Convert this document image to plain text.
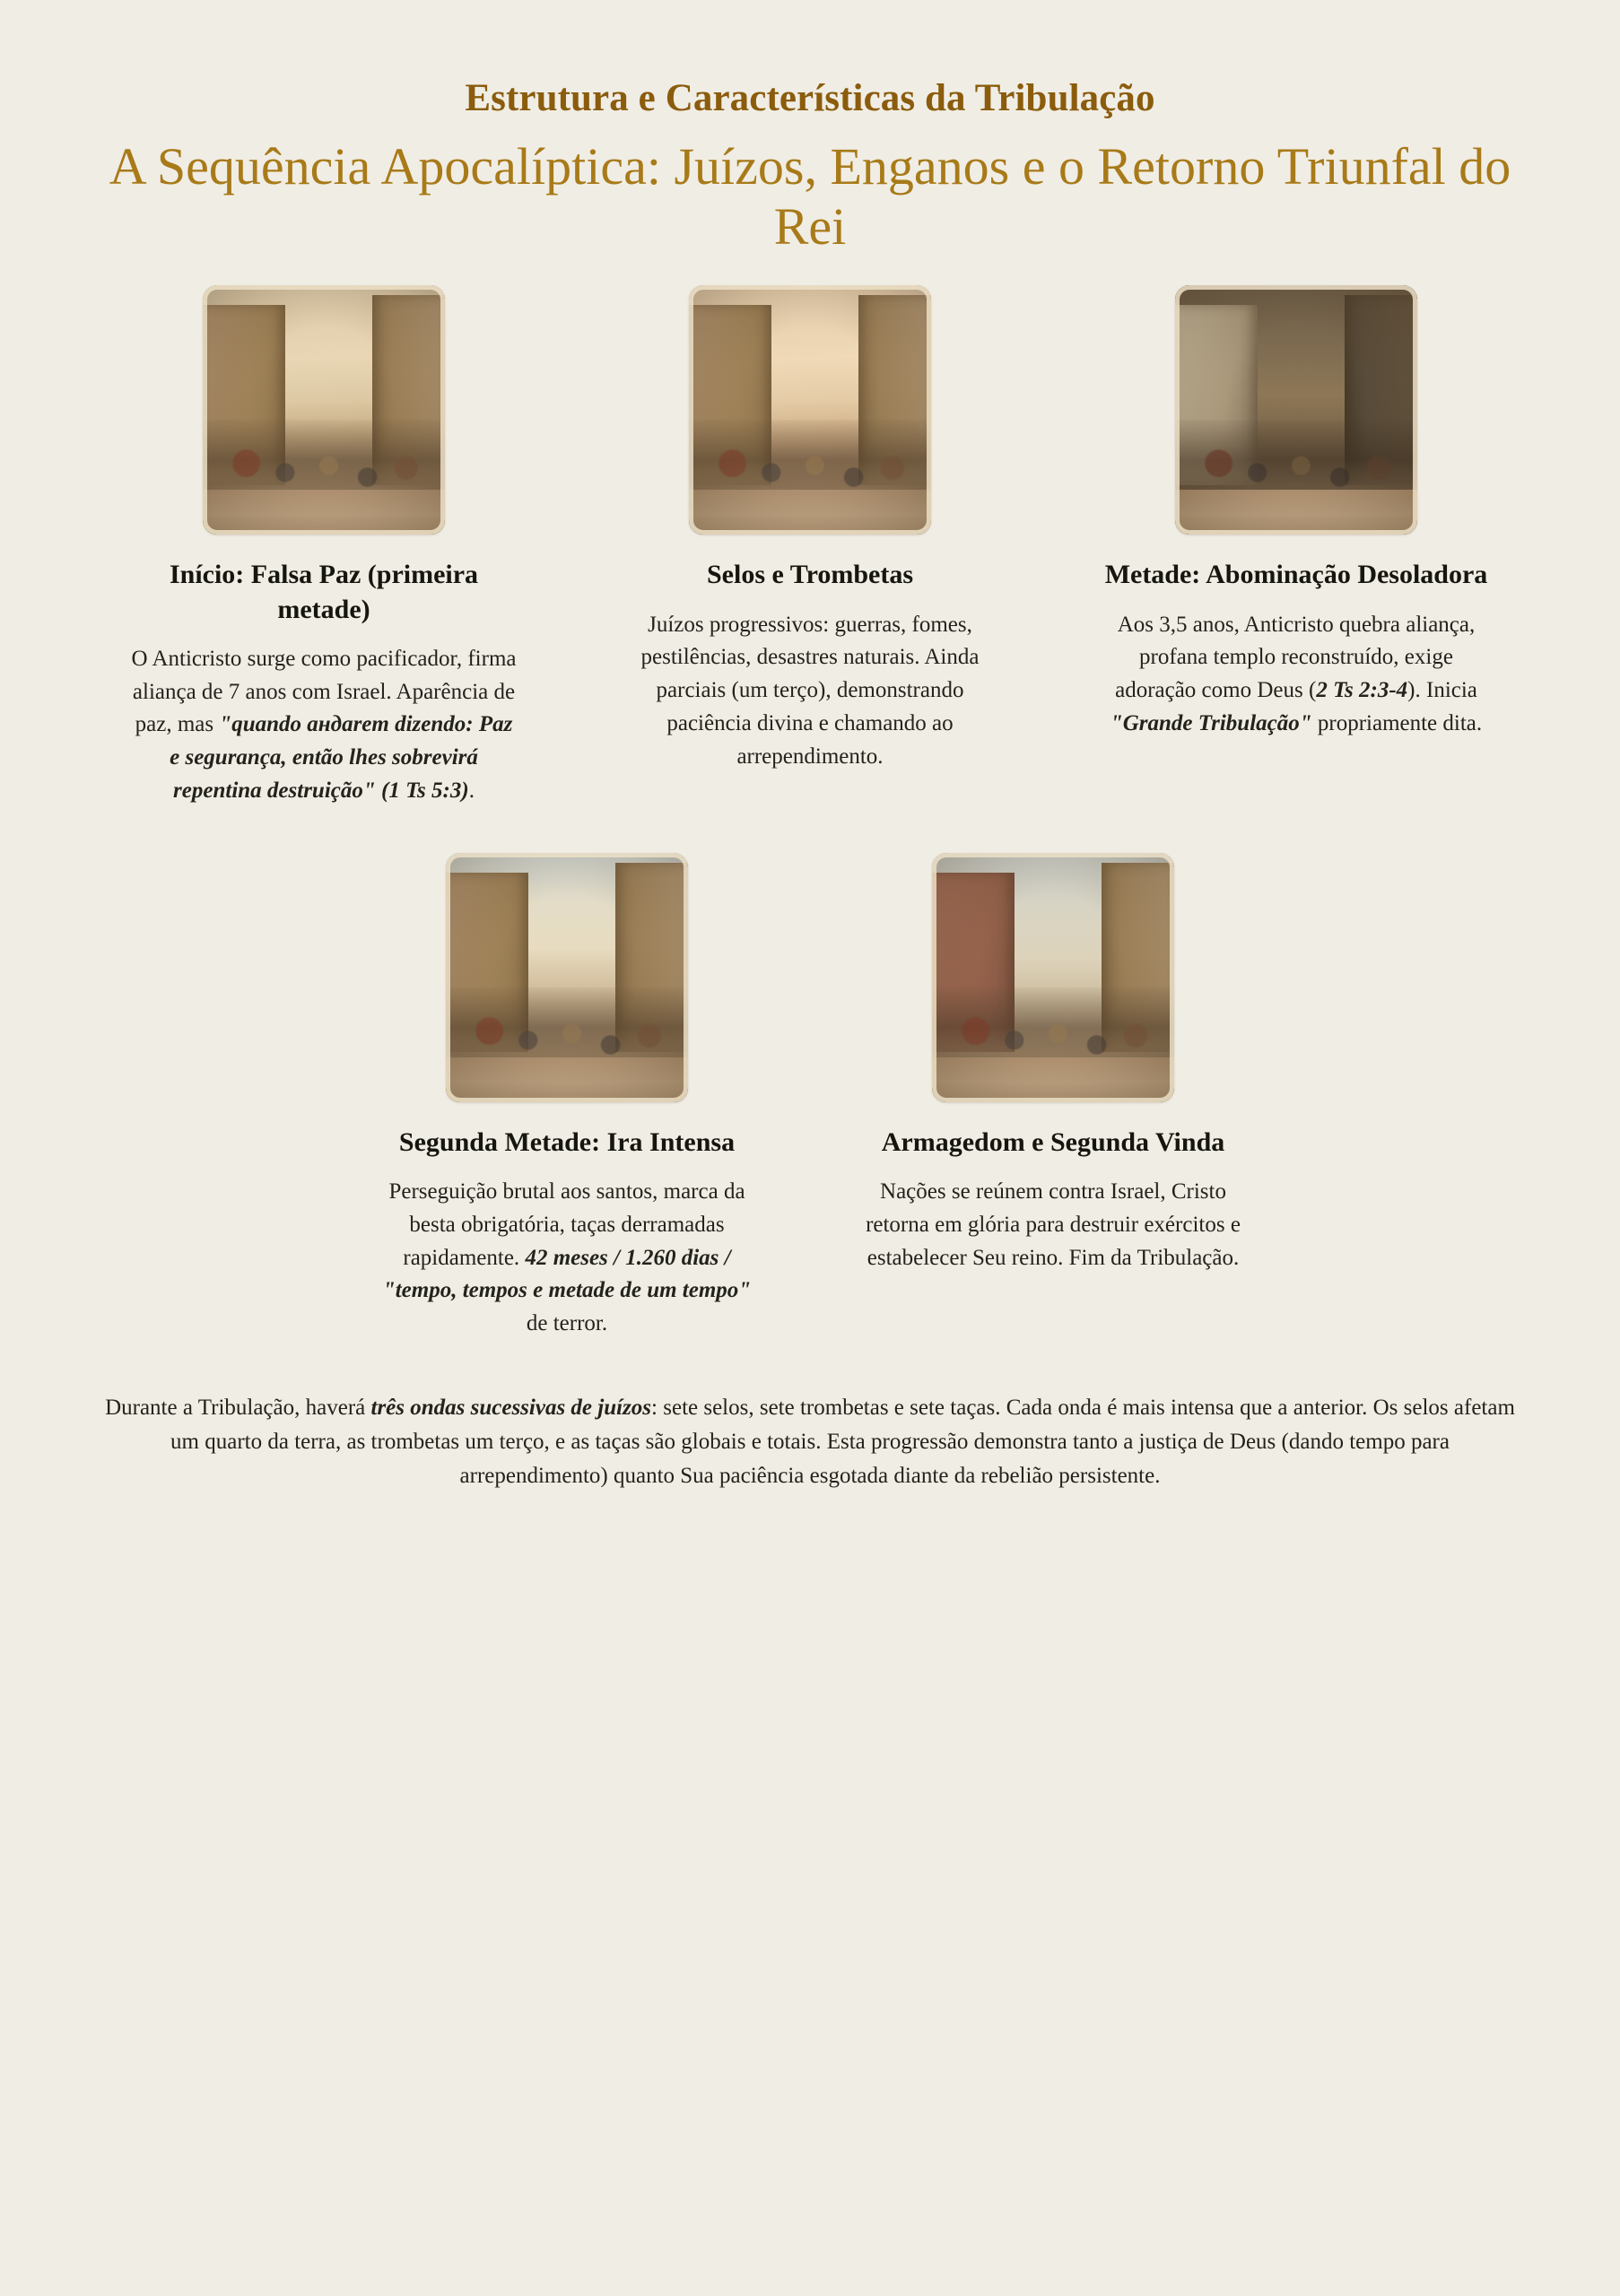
Estrutura e Características da Tribulação
A Sequência Apocalíptica: Juízos, Enganos e o Retorno Triunfal do Rei
Início: Falsa Paz (primeira metade)
O Anticristo surge como pacificador, firma aliança de 7 anos com Israel. Aparência de paz, mas "quando андarem dizendo: Paz e segurança, então lhes sobrevirá repentina destruição" (1 Ts 5:3).
Selos e Trombetas
Juízos progressivos: guerras, fomes, pestilências, desastres naturais. Ainda parciais (um terço), demonstrando paciência divina e chamando ao arrependimento.
Metade: Abominação Desoladora
Aos 3,5 anos, Anticristo quebra aliança, profana templo reconstruído, exige adoração como Deus (2 Ts 2:3-4). Inicia "Grande Tribulação" propriamente dita.
Segunda Metade: Ira Intensa
Perseguição brutal aos santos, marca da besta obrigatória, taças derramadas rapidamente. 42 meses / 1.260 dias / "tempo, tempos e metade de um tempo" de terror.
Armagedom e Segunda Vinda
Nações se reúnem contra Israel, Cristo retorna em glória para destruir exércitos e estabelecer Seu reino. Fim da Tribulação.

Durante a Tribulação, haverá três ondas sucessivas de juízos: sete selos, sete trombetas e sete taças. Cada onda é mais intensa que a anterior. Os selos afetam um quarto da terra, as trombetas um terço, e as taças são globais e totais. Esta progressão demonstra tanto a justiça de Deus (dando tempo para arrependimento) quanto Sua paciência esgotada diante da rebelião persistente.
